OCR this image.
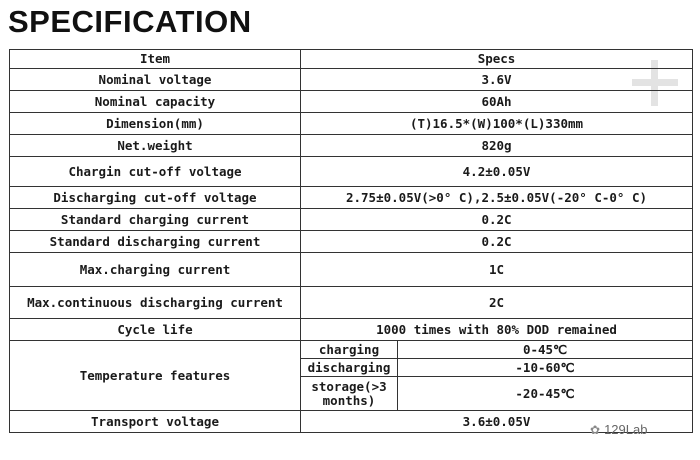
SPECIFICATION
Item	Specs	
Nominal voltage	3.6V	
Nominal capacity	60Ah	
Dimension(mm)	(T)16.5*(W)100*(L)330mm	
Net.weight	820g	
Chargin cut-off voltage	4.2±0.05V	
Discharging cut-off voltage	2.75±0.05V(>0° C),2.5±0.05V(-20° C-0° C)	
Standard charging current	0.2C	
Standard discharging current	0.2C	
Max.charging current	1C	
Max.continuous discharging current	2C	
Cycle life	1000 times with 80% DOD remained	
Temperature features	charging	0-45℃
	discharging	-10-60℃
	storage(>3 months)	-20-45℃
Transport voltage	3.6±0.05V	
✿ 129Lab
